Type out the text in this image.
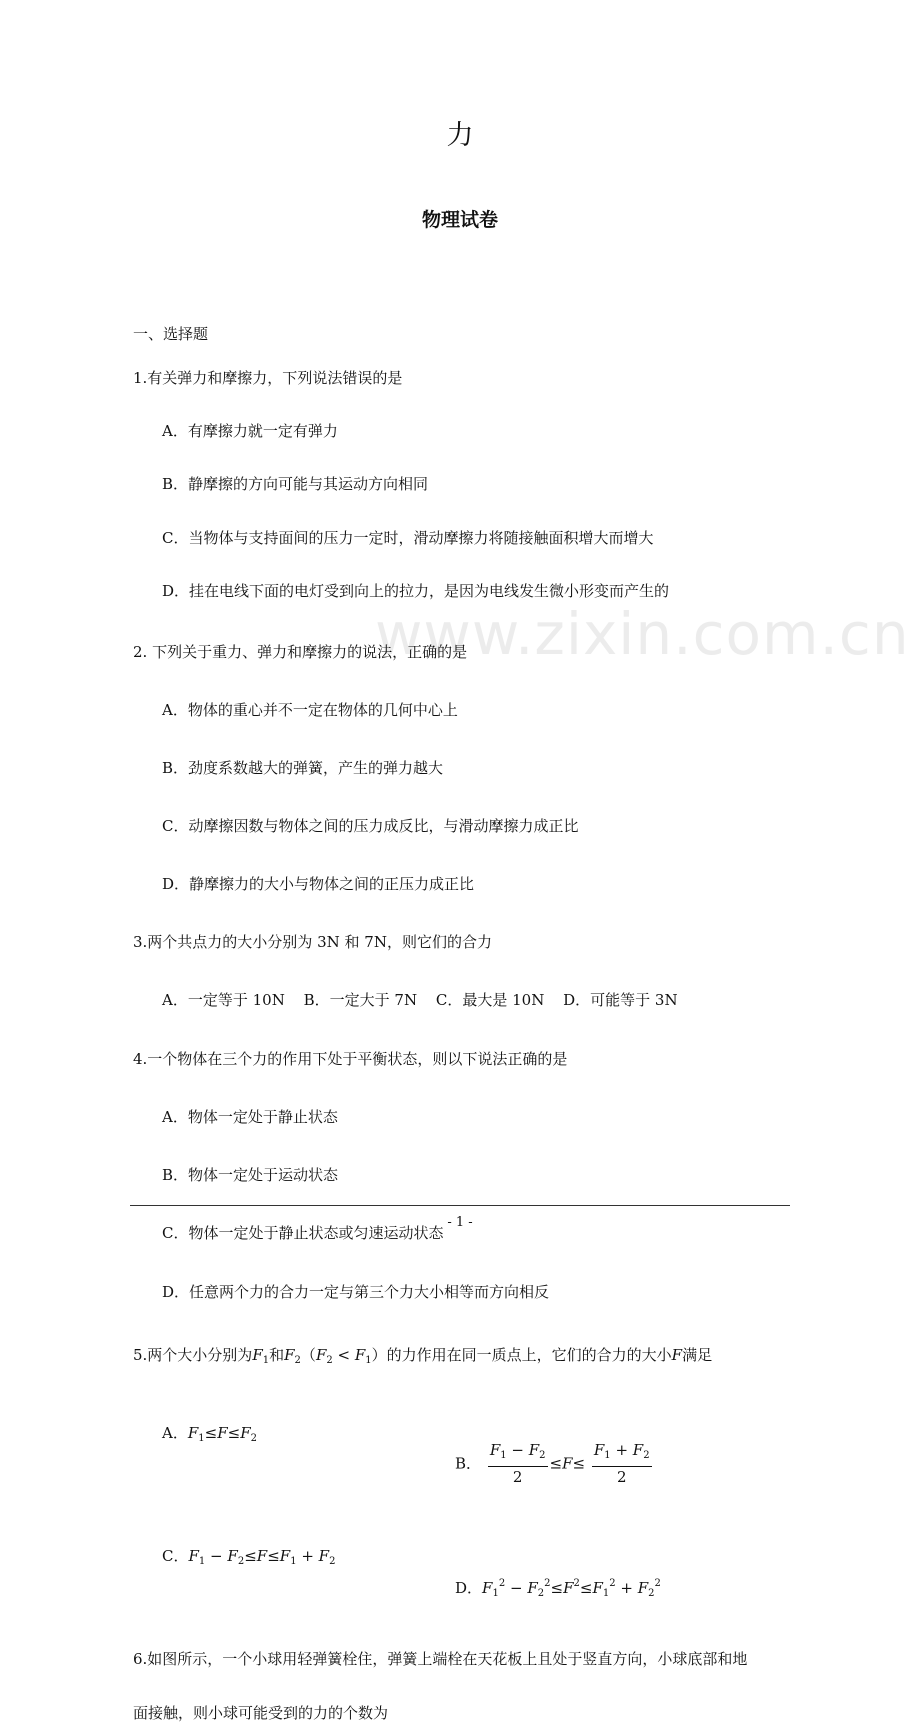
www.zixin.com.cn
力
物理试卷
一、选择题
1.有关弹力和摩擦力，下列说法错误的是
A．有摩擦力就一定有弹力
B．静摩擦的方向可能与其运动方向相同
C．当物体与支持面间的压力一定时，滑动摩擦力将随接触面积增大而增大
D．挂在电线下面的电灯受到向上的拉力，是因为电线发生微小形变而产生的
2. 下列关于重力、弹力和摩擦力的说法，正确的是
A．物体的重心并不一定在物体的几何中心上
B．劲度系数越大的弹簧，产生的弹力越大
C．动摩擦因数与物体之间的压力成反比，与滑动摩擦力成正比
D．静摩擦力的大小与物体之间的正压力成正比
3.两个共点力的大小分别为 3N 和 7N，则它们的合力
A．一定等于 10N B．一定大于 7N C．最大是 10N D．可能等于 3N
4.一个物体在三个力的作用下处于平衡状态，则以下说法正确的是
A．物体一定处于静止状态
B．物体一定处于运动状态
C．物体一定处于静止状态或匀速运动状态
D．任意两个力的合力一定与第三个力大小相等而方向相反
5.两个大小分别为$F_1$和$F_2(F_2 < F_1)$的力作用在同一质点上，它们的合力的大小F满足
A．$F_1\le F\le F_2$
B． $\frac{F_1 - F_2}{2} \le F\le \frac{F_1 + F_2}{2}$
C．$F_1 - F_2\le F\le F_1 + F_2$
D．$F_1^2 - F_2^2\le F^2\le F_1^2 + F_2^2$
6.如图所示，一个小球用轻弹簧栓住，弹簧上端栓在天花板上且处于竖直方向，小球底部和地
面接触，则小球可能受到的力的个数为
- 1 -
